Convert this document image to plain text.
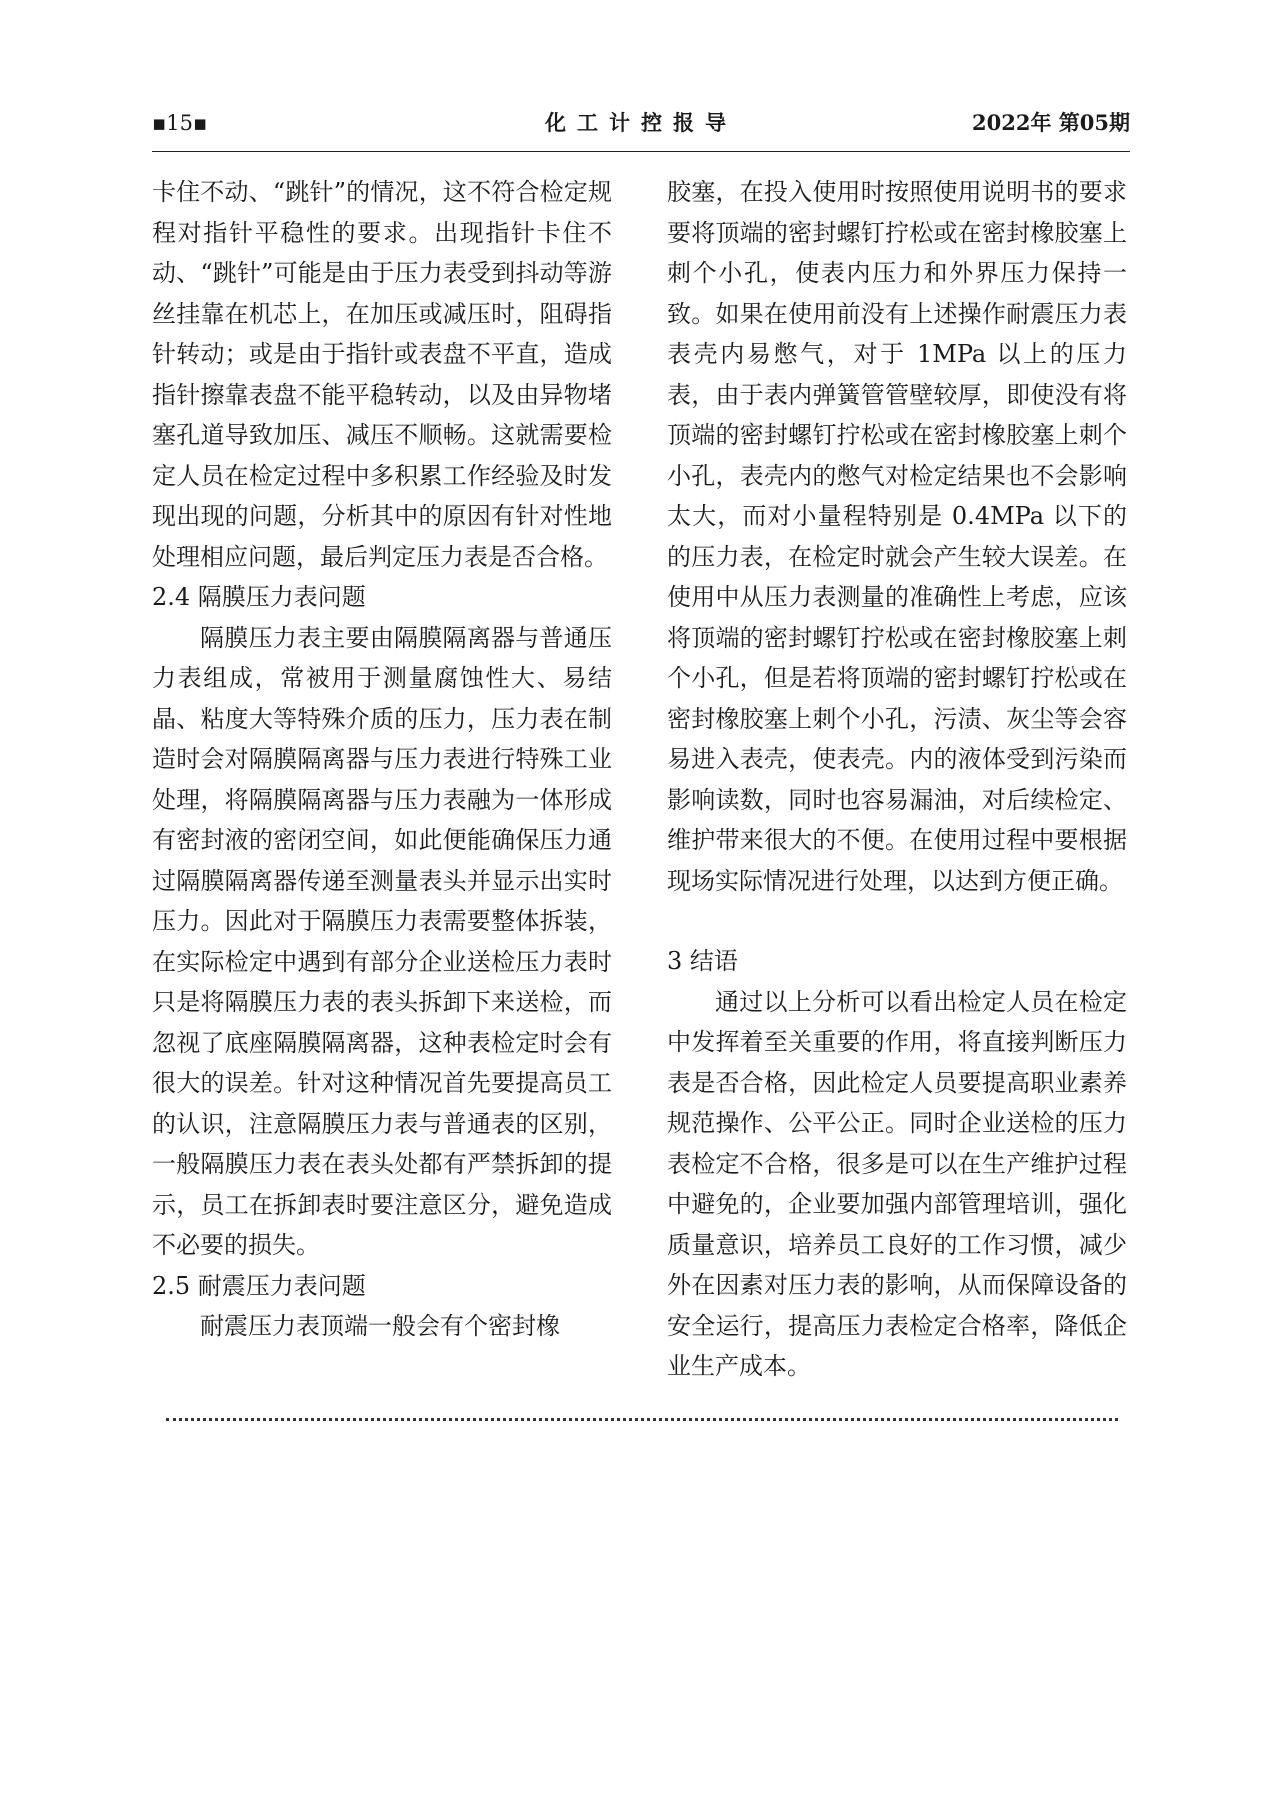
▪15▪	化工计控报导	2022年 第05期

卡住不动、“跳针”的情况，这不符合检定规程对指针平稳性的要求。出现指针卡住不动、“跳针”可能是由于压力表受到抖动等游丝挂靠在机芯上，在加压或减压时，阻碍指针转动；或是由于指针或表盘不平直，造成指针擦靠表盘不能平稳转动，以及由异物堵塞孔道导致加压、减压不顺畅。这就需要检定人员在检定过程中多积累工作经验及时发现出现的问题，分析其中的原因有针对性地处理相应问题，最后判定压力表是否合格。

2.4 隔膜压力表问题

隔膜压力表主要由隔膜隔离器与普通压力表组成，常被用于测量腐蚀性大、易结晶、粘度大等特殊介质的压力，压力表在制造时会对隔膜隔离器与压力表进行特殊工业处理，将隔膜隔离器与压力表融为一体形成有密封液的密闭空间，如此便能确保压力通过隔膜隔离器传递至测量表头并显示出实时压力。因此对于隔膜压力表需要整体拆装，在实际检定中遇到有部分企业送检压力表时只是将隔膜压力表的表头拆卸下来送检，而忽视了底座隔膜隔离器，这种表检定时会有很大的误差。针对这种情况首先要提高员工的认识，注意隔膜压力表与普通表的区别，一般隔膜压力表在表头处都有严禁拆卸的提示，员工在拆卸表时要注意区分，避免造成不必要的损失。

2.5 耐震压力表问题

耐震压力表顶端一般会有个密封橡

胶塞，在投入使用时按照使用说明书的要求要将顶端的密封螺钉拧松或在密封橡胶塞上刺个小孔，使表内压力和外界压力保持一致。如果在使用前没有上述操作耐震压力表表壳内易憋气，对于 1MPa 以上的压力表，由于表内弹簧管管壁较厚，即使没有将顶端的密封螺钉拧松或在密封橡胶塞上刺个小孔，表壳内的憋气对检定结果也不会影响太大，而对小量程特别是 0.4MPa 以下的的压力表，在检定时就会产生较大误差。在使用中从压力表测量的准确性上考虑，应该将顶端的密封螺钉拧松或在密封橡胶塞上刺个小孔，但是若将顶端的密封螺钉拧松或在密封橡胶塞上刺个小孔，污渍、灰尘等会容易进入表壳，使表壳。内的液体受到污染而影响读数，同时也容易漏油，对后续检定、维护带来很大的不便。在使用过程中要根据现场实际情况进行处理，以达到方便正确。

3 结语

通过以上分析可以看出检定人员在检定中发挥着至关重要的作用，将直接判断压力表是否合格，因此检定人员要提高职业素养规范操作、公平公正。同时企业送检的压力表检定不合格，很多是可以在生产维护过程中避免的，企业要加强内部管理培训，强化质量意识，培养员工良好的工作习惯，减少外在因素对压力表的影响，从而保障设备的安全运行，提高压力表检定合格率，降低企业生产成本。
